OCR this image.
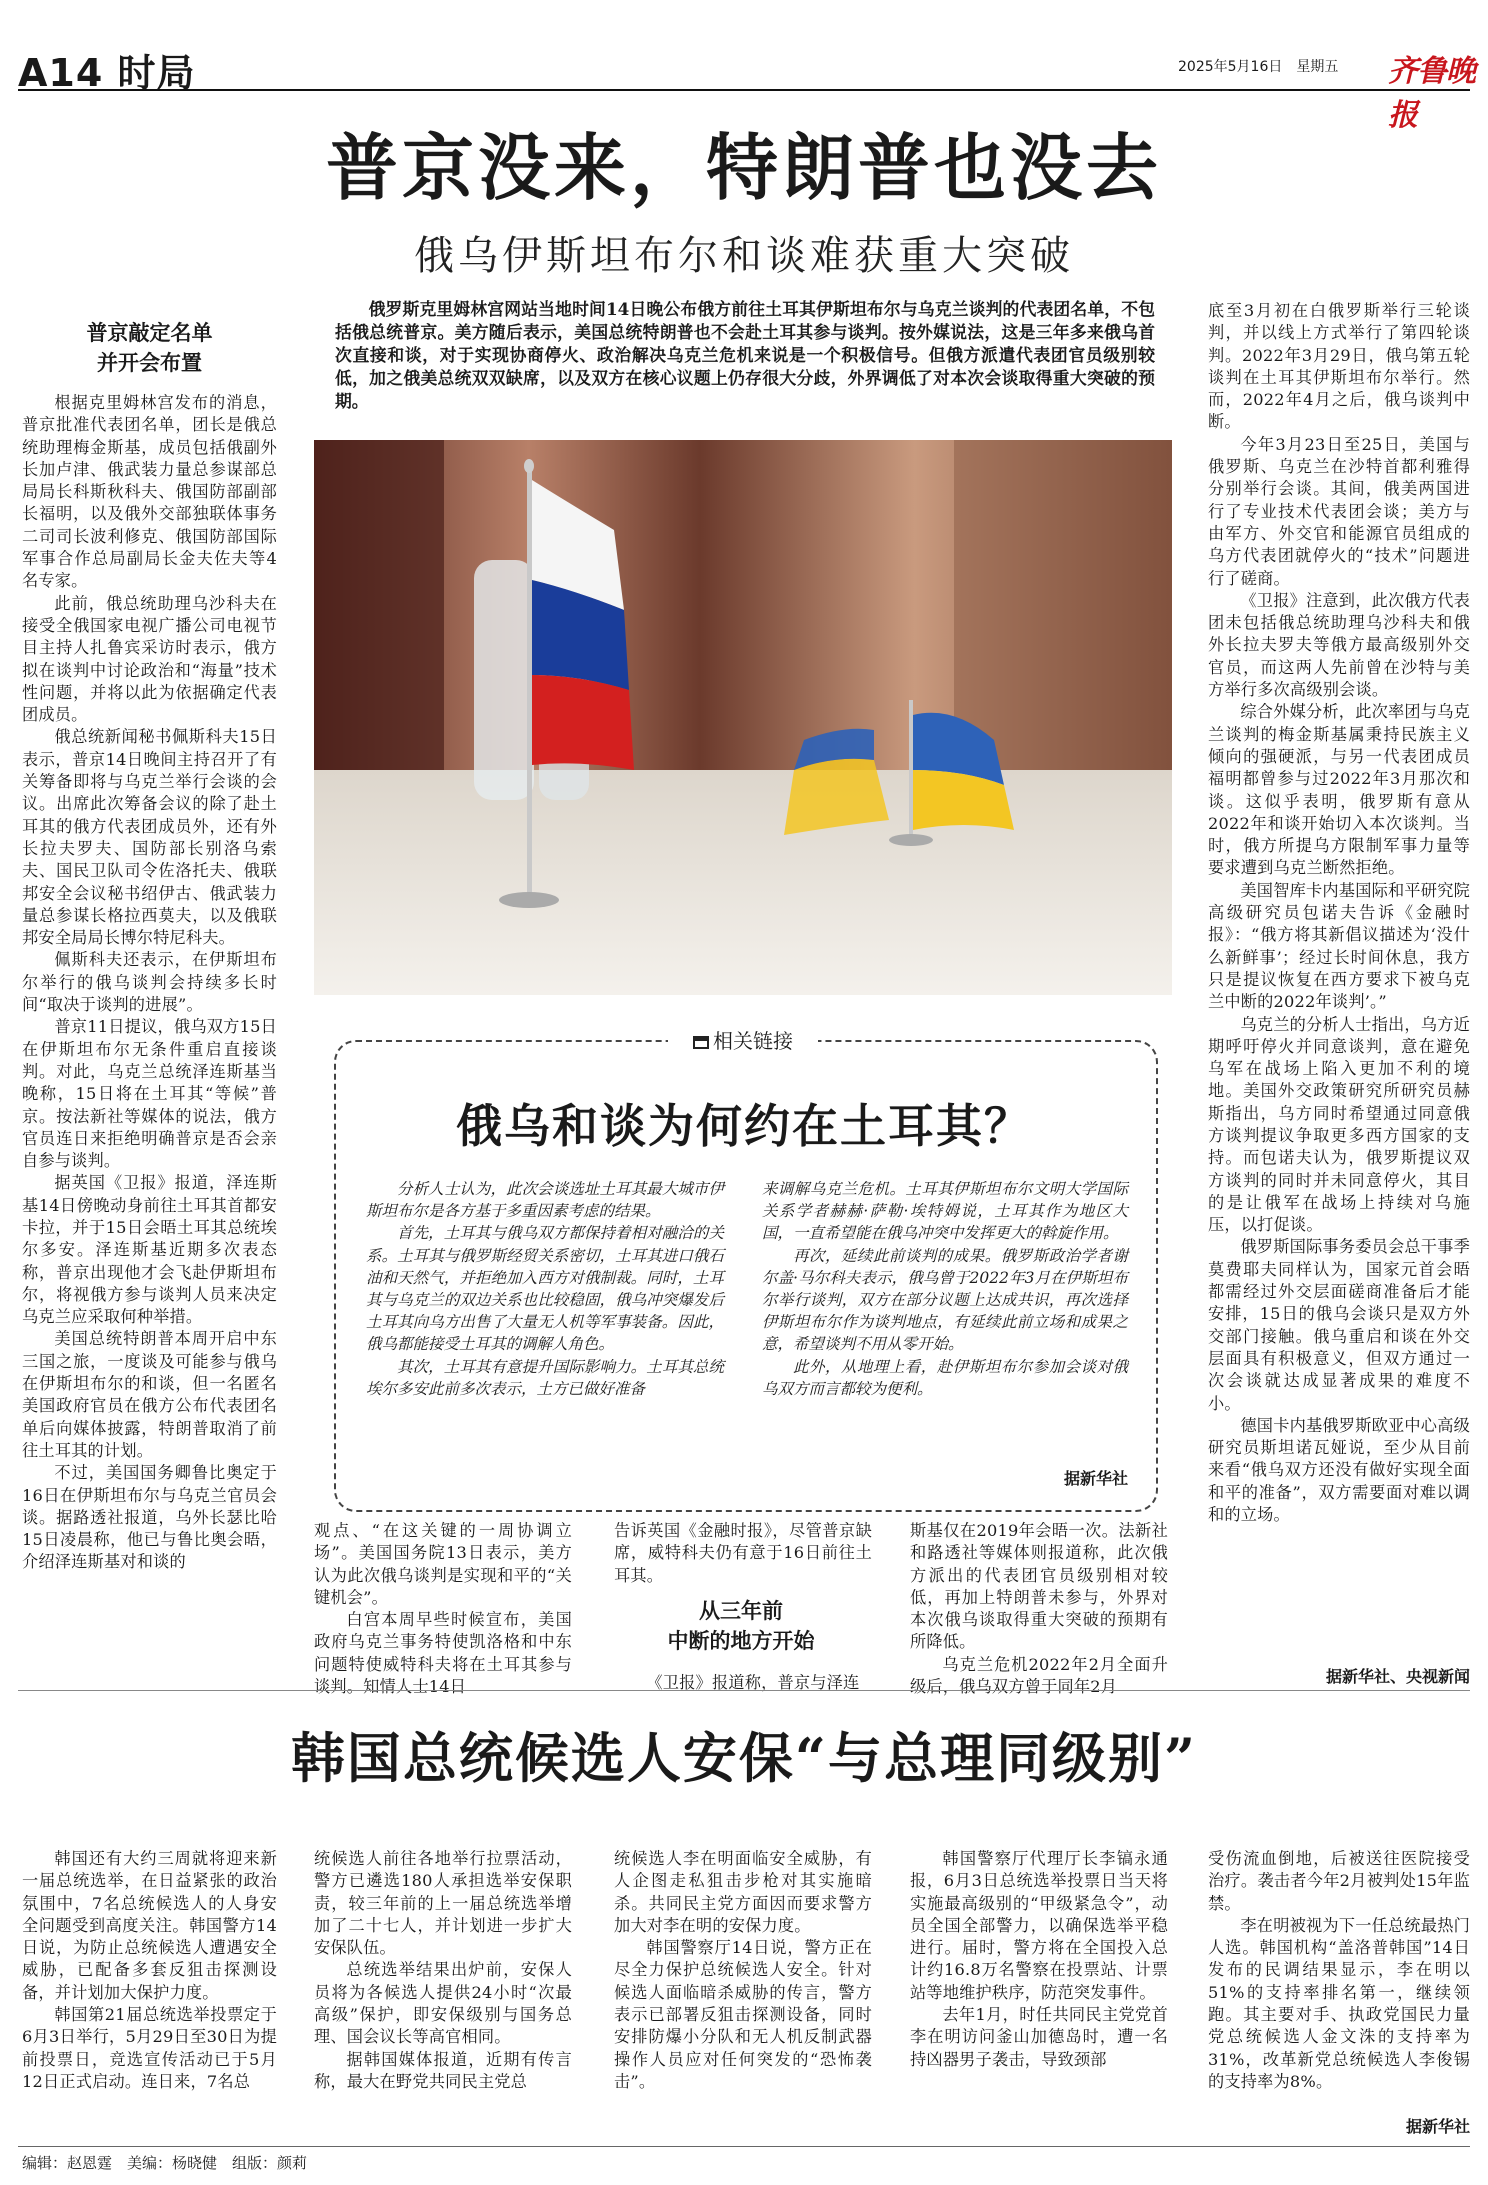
A14 时局	2025年5月16日　星期五 齐鲁晚报
普京没来，特朗普也没去
俄乌伊斯坦布尔和谈难获重大突破
普京敲定名单
并开会布置

根据克里姆林宫发布的消息，普京批准代表团名单，团长是俄总统助理梅金斯基，成员包括俄副外长加卢津、俄武装力量总参谋部总局局长科斯秋科夫、俄国防部副部长福明，以及俄外交部独联体事务二司司长波利修克、俄国防部国际军事合作总局副局长金夫佐夫等4名专家。

此前，俄总统助理乌沙科夫在接受全俄国家电视广播公司电视节目主持人扎鲁宾采访时表示，俄方拟在谈判中讨论政治和“海量”技术性问题，并将以此为依据确定代表团成员。

俄总统新闻秘书佩斯科夫15日表示，普京14日晚间主持召开了有关筹备即将与乌克兰举行会谈的会议。出席此次筹备会议的除了赴土耳其的俄方代表团成员外，还有外长拉夫罗夫、国防部长别洛乌索夫、国民卫队司令佐洛托夫、俄联邦安全会议秘书绍伊古、俄武装力量总参谋长格拉西莫夫，以及俄联邦安全局局长博尔特尼科夫。

佩斯科夫还表示，在伊斯坦布尔举行的俄乌谈判会持续多长时间“取决于谈判的进展”。

普京11日提议，俄乌双方15日在伊斯坦布尔无条件重启直接谈判。对此，乌克兰总统泽连斯基当晚称，15日将在土耳其“等候”普京。按法新社等媒体的说法，俄方官员连日来拒绝明确普京是否会亲自参与谈判。

据英国《卫报》报道，泽连斯基14日傍晚动身前往土耳其首都安卡拉，并于15日会晤土耳其总统埃尔多安。泽连斯基近期多次表态称，普京出现他才会飞赴伊斯坦布尔，将视俄方参与谈判人员来决定乌克兰应采取何种举措。

美国总统特朗普本周开启中东三国之旅，一度谈及可能参与俄乌在伊斯坦布尔的和谈，但一名匿名美国政府官员在俄方公布代表团名单后向媒体披露，特朗普取消了前往土耳其的计划。

不过，美国国务卿鲁比奥定于16日在伊斯坦布尔与乌克兰官员会谈。据路透社报道，乌外长瑟比哈15日凌晨称，他已与鲁比奥会晤，介绍泽连斯基对和谈的

俄罗斯克里姆林宫网站当地时间14日晚公布俄方前往土耳其伊斯坦布尔与乌克兰谈判的代表团名单，不包括俄总统普京。美方随后表示，美国总统特朗普也不会赴土耳其参与谈判。按外媒说法，这是三年多来俄乌首次直接和谈，对于实现协商停火、政治解决乌克兰危机来说是一个积极信号。但俄方派遣代表团官员级别较低，加之俄美总统双双缺席，以及双方在核心议题上仍存很大分歧，外界调低了对本次会谈取得重大突破的预期。

观点、“在这关键的一周协调立场”。美国国务院13日表示，美方认为此次俄乌谈判是实现和平的“关键机会”。

白宫本周早些时候宣布，美国政府乌克兰事务特使凯洛格和中东问题特使威特科夫将在土耳其参与谈判。知情人士14日

告诉英国《金融时报》，尽管普京缺席，威特科夫仍有意于16日前往土耳其。

从三年前
中断的地方开始

《卫报》报道称，普京与泽连

斯基仅在2019年会晤一次。法新社和路透社等媒体则报道称，此次俄方派出的代表团官员级别相对较低，再加上特朗普未参与，外界对本次俄乌谈取得重大突破的预期有所降低。

乌克兰危机2022年2月全面升级后，俄乌双方曾于同年2月

底至3月初在白俄罗斯举行三轮谈判，并以线上方式举行了第四轮谈判。2022年3月29日，俄乌第五轮谈判在土耳其伊斯坦布尔举行。然而，2022年4月之后，俄乌谈判中断。

今年3月23日至25日，美国与俄罗斯、乌克兰在沙特首都利雅得分别举行会谈。其间，俄美两国进行了专业技术代表团会谈；美方与由军方、外交官和能源官员组成的乌方代表团就停火的“技术”问题进行了磋商。

《卫报》注意到，此次俄方代表团未包括俄总统助理乌沙科夫和俄外长拉夫罗夫等俄方最高级别外交官员，而这两人先前曾在沙特与美方举行多次高级别会谈。

综合外媒分析，此次率团与乌克兰谈判的梅金斯基属秉持民族主义倾向的强硬派，与另一代表团成员福明都曾参与过2022年3月那次和谈。这似乎表明，俄罗斯有意从2022年和谈开始切入本次谈判。当时，俄方所提乌方限制军事力量等要求遭到乌克兰断然拒绝。

美国智库卡内基国际和平研究院高级研究员包诺夫告诉《金融时报》：“俄方将其新倡议描述为‘没什么新鲜事’；经过长时间休息，我方只是提议恢复在西方要求下被乌克兰中断的2022年谈判’。”

乌克兰的分析人士指出，乌方近期呼吁停火并同意谈判，意在避免乌军在战场上陷入更加不利的境地。美国外交政策研究所研究员赫斯指出，乌方同时希望通过同意俄方谈判提议争取更多西方国家的支持。而包诺夫认为，俄罗斯提议双方谈判的同时并未同意停火，其目的是让俄军在战场上持续对乌施压，以打促谈。

俄罗斯国际事务委员会总干事季莫费耶夫同样认为，国家元首会晤都需经过外交层面磋商准备后才能安排，15日的俄乌会谈只是双方外交部门接触。俄乌重启和谈在外交层面具有积极意义，但双方通过一次会谈就达成显著成果的难度不小。

德国卡内基俄罗斯欧亚中心高级研究员斯坦诺瓦娅说，至少从目前来看“俄乌双方还没有做好实现全面和平的准备”，双方需要面对难以调和的立场。

据新华社、央视新闻
相关链接
俄乌和谈为何约在土耳其？

分析人士认为，此次会谈选址土耳其最大城市伊斯坦布尔是各方基于多重因素考虑的结果。

首先，土耳其与俄乌双方都保持着相对融洽的关系。土耳其与俄罗斯经贸关系密切，土耳其进口俄石油和天然气，并拒绝加入西方对俄制裁。同时，土耳其与乌克兰的双边关系也比较稳固，俄乌冲突爆发后土耳其向乌方出售了大量无人机等军事装备。因此，俄乌都能接受土耳其的调解人角色。

其次，土耳其有意提升国际影响力。土耳其总统埃尔多安此前多次表示，土方已做好准备

来调解乌克兰危机。土耳其伊斯坦布尔文明大学国际关系学者赫赫·萨勒·埃特姆说，土耳其作为地区大国，一直希望能在俄乌冲突中发挥更大的斡旋作用。

再次，延续此前谈判的成果。俄罗斯政治学者谢尔盖·马尔科夫表示，俄乌曾于2022年3月在伊斯坦布尔举行谈判，双方在部分议题上达成共识，再次选择伊斯坦布尔作为谈判地点，有延续此前立场和成果之意，希望谈判不用从零开始。

此外，从地理上看，赴伊斯坦布尔参加会谈对俄乌双方而言都较为便利。

据新华社
韩国总统候选人安保“与总理同级别”

韩国还有大约三周就将迎来新一届总统选举，在日益紧张的政治氛围中，7名总统候选人的人身安全问题受到高度关注。韩国警方14日说，为防止总统候选人遭遇安全威胁，已配备多套反狙击探测设备，并计划加大保护力度。

韩国第21届总统选举投票定于6月3日举行，5月29日至30日为提前投票日，竞选宣传活动已于5月12日正式启动。连日来，7名总

统候选人前往各地举行拉票活动，警方已遴选180人承担选举安保职责，较三年前的上一届总统选举增加了二十七人，并计划进一步扩大安保队伍。

总统选举结果出炉前，安保人员将为各候选人提供24小时“次最高级”保护，即安保级别与国务总理、国会议长等高官相同。

据韩国媒体报道，近期有传言称，最大在野党共同民主党总

统候选人李在明面临安全威胁，有人企图走私狙击步枪对其实施暗杀。共同民主党方面因而要求警方加大对李在明的安保力度。

韩国警察厅14日说，警方正在尽全力保护总统候选人安全。针对候选人面临暗杀威胁的传言，警方表示已部署反狙击探测设备，同时安排防爆小分队和无人机反制武器操作人员应对任何突发的“恐怖袭击”。

韩国警察厅代理厅长李镐永通报，6月3日总统选举投票日当天将实施最高级别的“甲级紧急令”，动员全国全部警力，以确保选举平稳进行。届时，警方将在全国投入总计约16.8万名警察在投票站、计票站等地维护秩序，防范突发事件。

去年1月，时任共同民主党党首李在明访问釜山加德岛时，遭一名持凶器男子袭击，导致颈部

受伤流血倒地，后被送往医院接受治疗。袭击者今年2月被判处15年监禁。

李在明被视为下一任总统最热门人选。韩国机构“盖洛普韩国”14日发布的民调结果显示，李在明以51%的支持率排名第一，继续领跑。其主要对手、执政党国民力量党总统候选人金文洙的支持率为31%，改革新党总统候选人李俊锡的支持率为8%。

据新华社
编辑：赵恩霆　美编：杨晓健　组版：颜莉
